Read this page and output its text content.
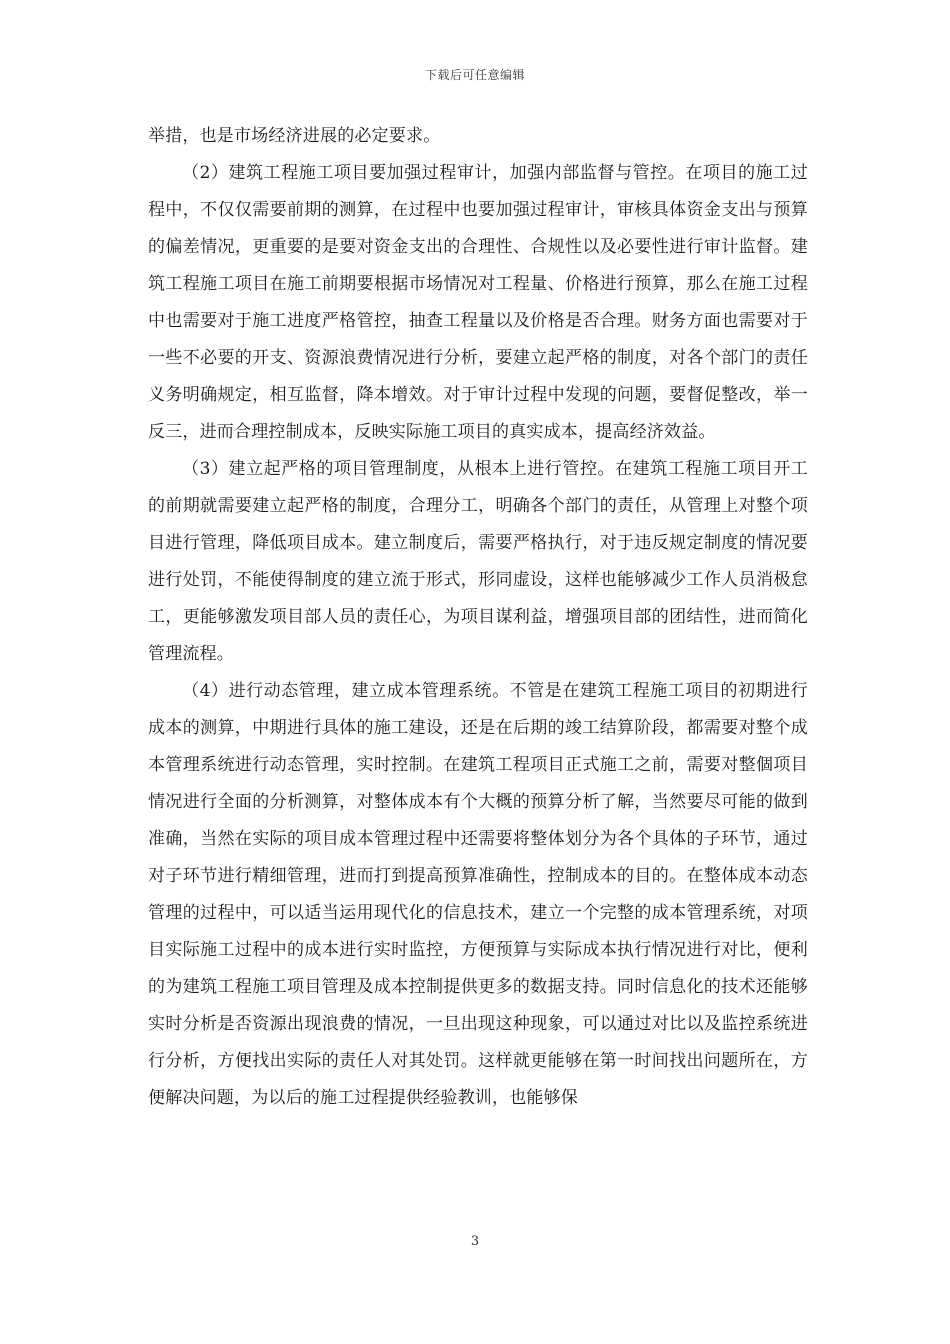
下载后可任意编辑

举措，也是市场经济进展的必定要求。

（2）建筑工程施工项目要加强过程审计，加强内部监督与管控。在项目的施工过程中，不仅仅需要前期的测算，在过程中也要加强过程审计，审核具体资金支出与预算的偏差情况，更重要的是要对资金支出的合理性、合规性以及必要性进行审计监督。建筑工程施工项目在施工前期要根据市场情况对工程量、价格进行预算，那么在施工过程中也需要对于施工进度严格管控，抽查工程量以及价格是否合理。财务方面也需要对于一些不必要的开支、资源浪费情况进行分析，要建立起严格的制度，对各个部门的责任义务明确规定，相互监督，降本增效。对于审计过程中发现的问题，要督促整改，举一反三，进而合理控制成本，反映实际施工项目的真实成本，提高经济效益。

（3）建立起严格的项目管理制度，从根本上进行管控。在建筑工程施工项目开工的前期就需要建立起严格的制度，合理分工，明确各个部门的责任，从管理上对整个项目进行管理，降低项目成本。建立制度后，需要严格执行，对于违反规定制度的情况要进行处罚，不能使得制度的建立流于形式，形同虚设，这样也能够减少工作人员消极怠工，更能够激发项目部人员的责任心，为项目谋利益，增强项目部的团结性，进而简化管理流程。

（4）进行动态管理，建立成本管理系统。不管是在建筑工程施工项目的初期进行成本的测算，中期进行具体的施工建设，还是在后期的竣工结算阶段，都需要对整个成本管理系统进行动态管理，实时控制。在建筑工程项目正式施工之前，需要对整個项目情况进行全面的分析测算，对整体成本有个大概的预算分析了解，当然要尽可能的做到准确，当然在实际的项目成本管理过程中还需要将整体划分为各个具体的子环节，通过对子环节进行精细管理，进而打到提高预算准确性，控制成本的目的。在整体成本动态管理的过程中，可以适当运用现代化的信息技术，建立一个完整的成本管理系统，对项目实际施工过程中的成本进行实时监控，方便预算与实际成本执行情况进行对比，便利的为建筑工程施工项目管理及成本控制提供更多的数据支持。同时信息化的技术还能够实时分析是否资源出现浪费的情况，一旦出现这种现象，可以通过对比以及监控系统进行分析，方便找出实际的责任人对其处罚。这样就更能够在第一时间找出问题所在，方便解决问题，为以后的施工过程提供经验教训，也能够保

3
